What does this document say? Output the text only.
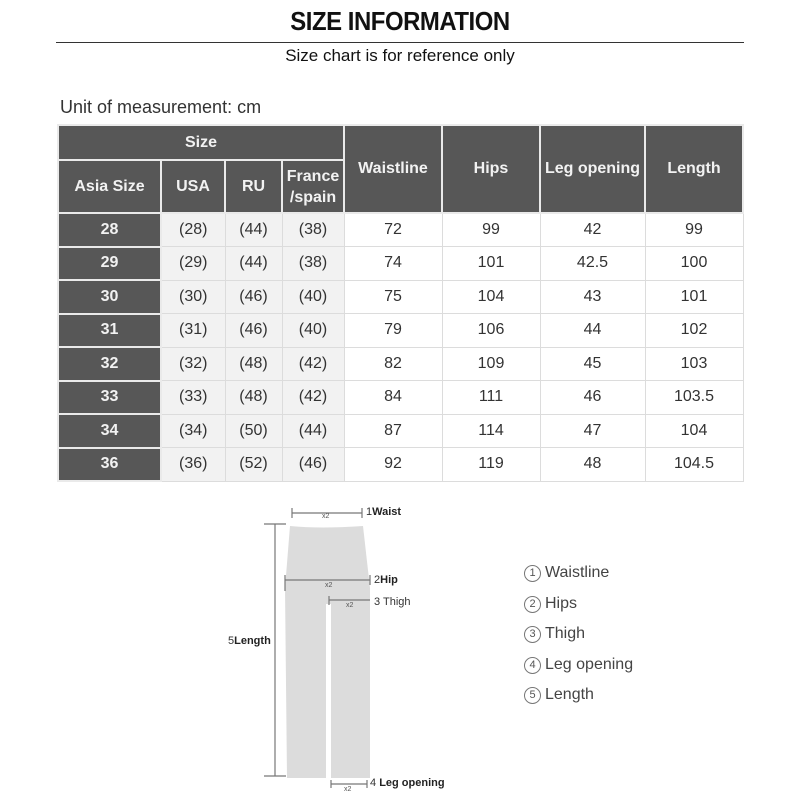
SIZE INFORMATION
Size chart is for reference only
Unit of measurement: cm
Size				Waistline	Hips	Leg opening	Length
Asia Size	USA	RU	France
/spain				
28	(28)	(44)	(38)	72	99	42	99
29	(29)	(44)	(38)	74	101	42.5	100
30	(30)	(46)	(40)	75	104	43	101
31	(31)	(46)	(40)	79	106	44	102
32	(32)	(48)	(42)	82	109	45	103
33	(33)	(48)	(42)	84	111	46	103.5
34	(34)	(50)	(44)	87	114	47	104
36	(36)	(52)	(46)	92	119	48	104.5
x2
x2
x2
x2
1Waist
2Hip
3 Thigh
4 Leg opening
5Length
1 Waistline
2 Hips
3 Thigh
4 Leg opening
5 Length
